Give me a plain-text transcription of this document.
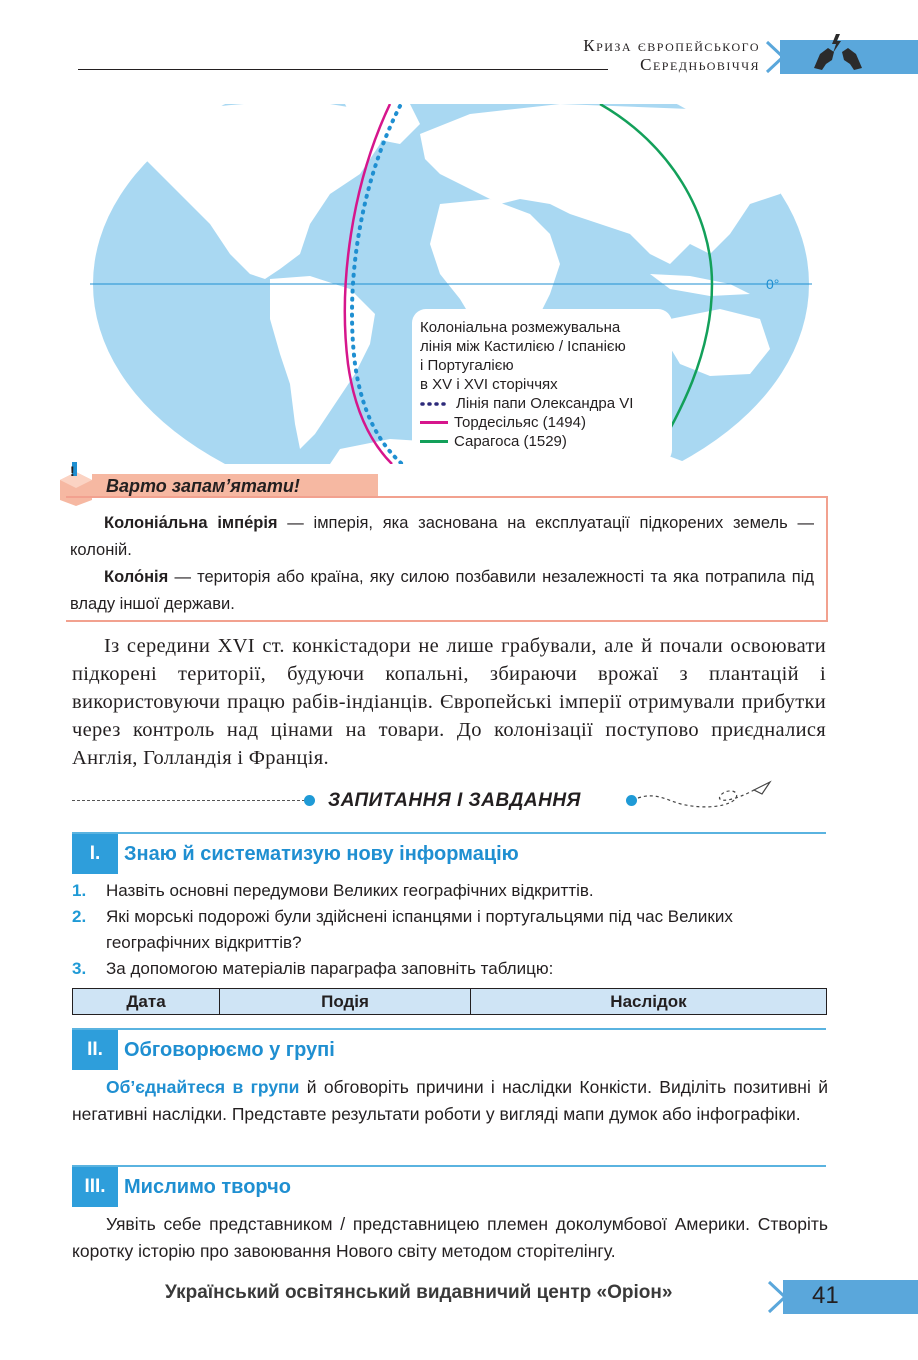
Криза європейського
Середньовіччя
0°
Колоніальна розмежувальна
лінія між Кастилією / Іспанією
і Португалією
в XV і XVI сторіччях
Лінія папи Олександра VI
Тордесільяс (1494)
Сарагоса (1529)
!
Варто запам’ятати!

Колоніа́льна імпе́рія — імперія, яка заснована на експлуатації підкорених земель — колоній.

Коло́нія — територія або країна, яку силою позбавили незалежності та яка потрапила під владу іншої держави.

Із середини XVI ст. конкістадори не лише грабували, але й почали освоювати підкорені території, будуючи копальні, збираючи врожаї з плантацій і використовуючи працю рабів-індіанців. Європейські імперії отримували прибутки через контроль над цінами на товари. До колонізації поступово приєдналися Англія, Голландія і Франція.
ЗАПИТАННЯ І ЗАВДАННЯ
I.	Знаю й систематизую нову інформацію
1. Назвіть основні передумови Великих географічних відкриттів.
2. Які морські подорожі були здійснені іспанцями і португальцями під час Великих географічних відкриттів?
3. За допомогою матеріалів параграфа заповніть таблицю:
Дата	Подія	Наслідок
II.	Обговорюємо у групі
Об’єднайтеся в групи й обговоріть причини і наслідки Конкісти. Виділіть позитивні й негативні наслідки. Представте результати роботи у вигляді мапи думок або інфографіки.
III. Мислимо творчо
Уявіть себе представником / представницею племен доколумбової Америки. Створіть коротку історію про завоювання Нового світу методом сторітелінгу.
Український освітянський видавничий центр «Оріон»	41
